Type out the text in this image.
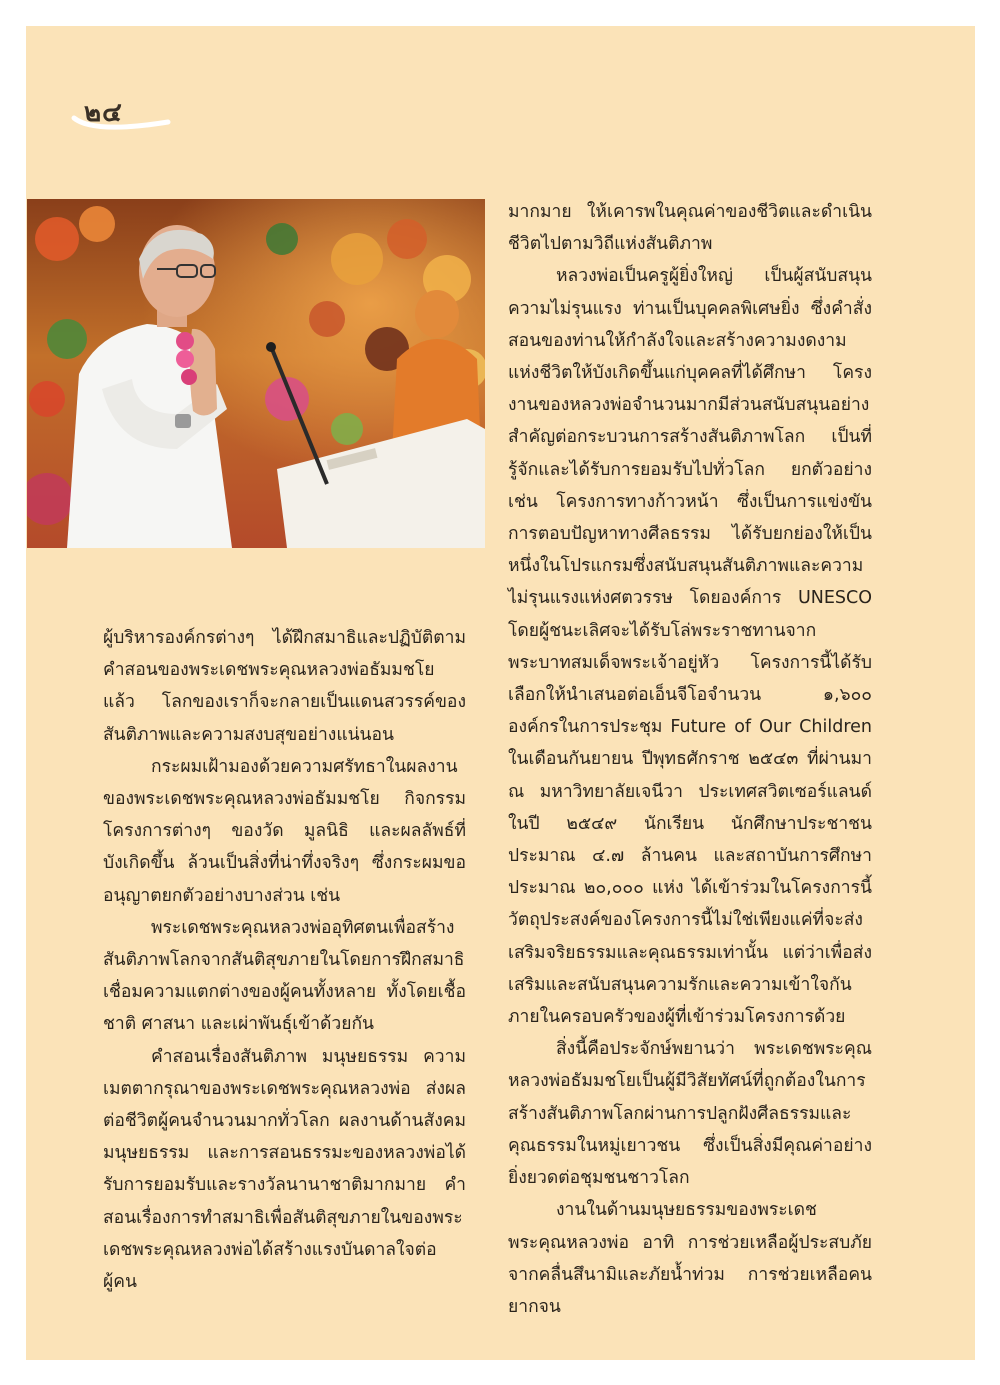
๒๔

ผู้บริหารองค์กรต่างๆ ได้ฝึกสมาธิและปฏิบัติตามคำสอนของพระเดชพระคุณหลวงพ่อธัมมชโยแล้ว โลกของเราก็จะกลายเป็นแดนสวรรค์ของสันติภาพและความสงบสุขอย่างแน่นอน

กระผมเฝ้ามองด้วยความศรัทธาในผลงานของพระเดชพระคุณหลวงพ่อธัมมชโย กิจกรรม โครงการต่างๆ ของวัด มูลนิธิ และผลลัพธ์ที่บังเกิดขึ้น ล้วนเป็นสิ่งที่น่าทึ่งจริงๆ ซึ่งกระผมขออนุญาตยกตัวอย่างบางส่วน เช่น

พระเดชพระคุณหลวงพ่ออุทิศตนเพื่อสร้างสันติภาพโลกจากสันติสุขภายในโดยการฝึกสมาธิ เชื่อมความแตกต่างของผู้คนทั้งหลาย ทั้งโดยเชื้อชาติ ศาสนา และเผ่าพันธุ์เข้าด้วยกัน

คำสอนเรื่องสันติภาพ มนุษยธรรม ความเมตตากรุณาของพระเดชพระคุณหลวงพ่อ ส่งผลต่อชีวิตผู้คนจำนวนมากทั่วโลก ผลงานด้านสังคมมนุษยธรรม และการสอนธรรมะของหลวงพ่อได้รับการยอมรับและรางวัลนานาชาติมากมาย คำสอนเรื่องการทำสมาธิเพื่อสันติสุขภายในของพระเดชพระคุณหลวงพ่อได้สร้างแรงบันดาลใจต่อผู้คน

มากมาย ให้เคารพในคุณค่าของชีวิตและดำเนินชีวิตไปตามวิถีแห่งสันติภาพ

หลวงพ่อเป็นครูผู้ยิ่งใหญ่ เป็นผู้สนับสนุนความไม่รุนแรง ท่านเป็นบุคคลพิเศษยิ่ง ซึ่งคำสั่งสอนของท่านให้กำลังใจและสร้างความงดงามแห่งชีวิตให้บังเกิดขึ้นแก่บุคคลที่ได้ศึกษา โครงงานของหลวงพ่อจำนวนมากมีส่วนสนับสนุนอย่างสำคัญต่อกระบวนการสร้างสันติภาพโลก เป็นที่รู้จักและได้รับการยอมรับไปทั่วโลก ยกตัวอย่างเช่น โครงการทางก้าวหน้า ซึ่งเป็นการแข่งขันการตอบปัญหาทางศีลธรรม ได้รับยกย่องให้เป็นหนึ่งในโปรแกรมซึ่งสนับสนุนสันติภาพและความไม่รุนแรงแห่งศตวรรษ โดยองค์การ UNESCO โดยผู้ชนะเลิศจะได้รับโล่พระราชทานจากพระบาทสมเด็จพระเจ้าอยู่หัว โครงการนี้ได้รับเลือกให้นำเสนอต่อเอ็นจีโอจำนวน ๑,๖๐๐ องค์กรในการประชุม Future of Our Children ในเดือนกันยายน ปีพุทธศักราช ๒๕๔๓ ที่ผ่านมา ณ มหาวิทยาลัยเจนีวา ประเทศสวิตเซอร์แลนด์ ในปี ๒๕๔๙ นักเรียน นักศึกษาประชาชนประมาณ ๔.๗ ล้านคน และสถาบันการศึกษาประมาณ ๒๐,๐๐๐ แห่ง ได้เข้าร่วมในโครงการนี้ วัตถุประสงค์ของโครงการนี้ไม่ใช่เพียงแค่ที่จะส่งเสริมจริยธรรมและคุณธรรมเท่านั้น แต่ว่าเพื่อส่งเสริมและสนับสนุนความรักและความเข้าใจกันภายในครอบครัวของผู้ที่เข้าร่วมโครงการด้วย

สิ่งนี้คือประจักษ์พยานว่า พระเดชพระคุณหลวงพ่อธัมมชโยเป็นผู้มีวิสัยทัศน์ที่ถูกต้องในการสร้างสันติภาพโลกผ่านการปลูกฝังศีลธรรมและคุณธรรมในหมู่เยาวชน ซึ่งเป็นสิ่งมีคุณค่าอย่างยิ่งยวดต่อชุมชนชาวโลก

งานในด้านมนุษยธรรมของพระเดชพระคุณหลวงพ่อ อาทิ การช่วยเหลือผู้ประสบภัยจากคลื่นสึนามิและภัยน้ำท่วม การช่วยเหลือคนยากจน
